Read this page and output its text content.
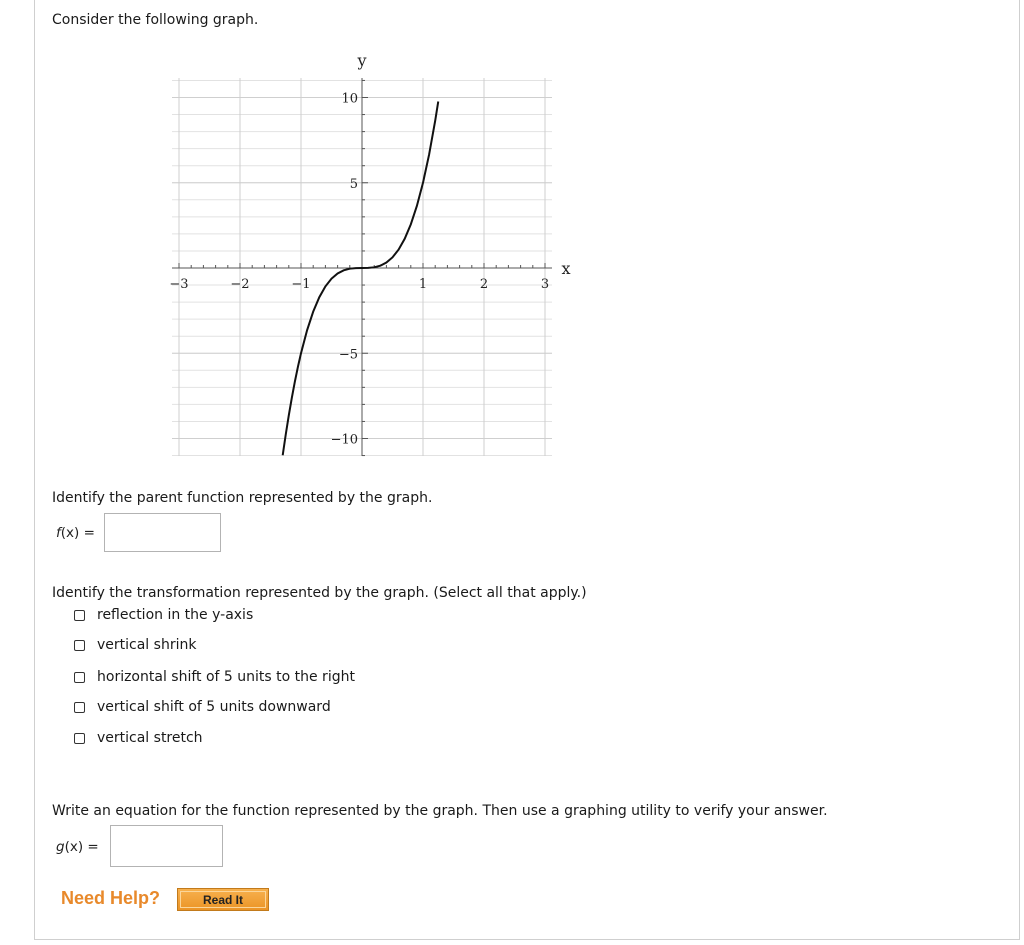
Consider the following graph.
−3	−2	−1	1	2	3
10
5
−5
−10
y
x
Identify the parent function represented by the graph.
f(x) =
Identify the transformation represented by the graph. (Select all that apply.)
reflection in the y-axis
vertical shrink
horizontal shift of 5 units to the right
vertical shift of 5 units downward
vertical stretch
Write an equation for the function represented by the graph. Then use a graphing utility to verify your answer.
g(x) =
Need Help?	Read It
